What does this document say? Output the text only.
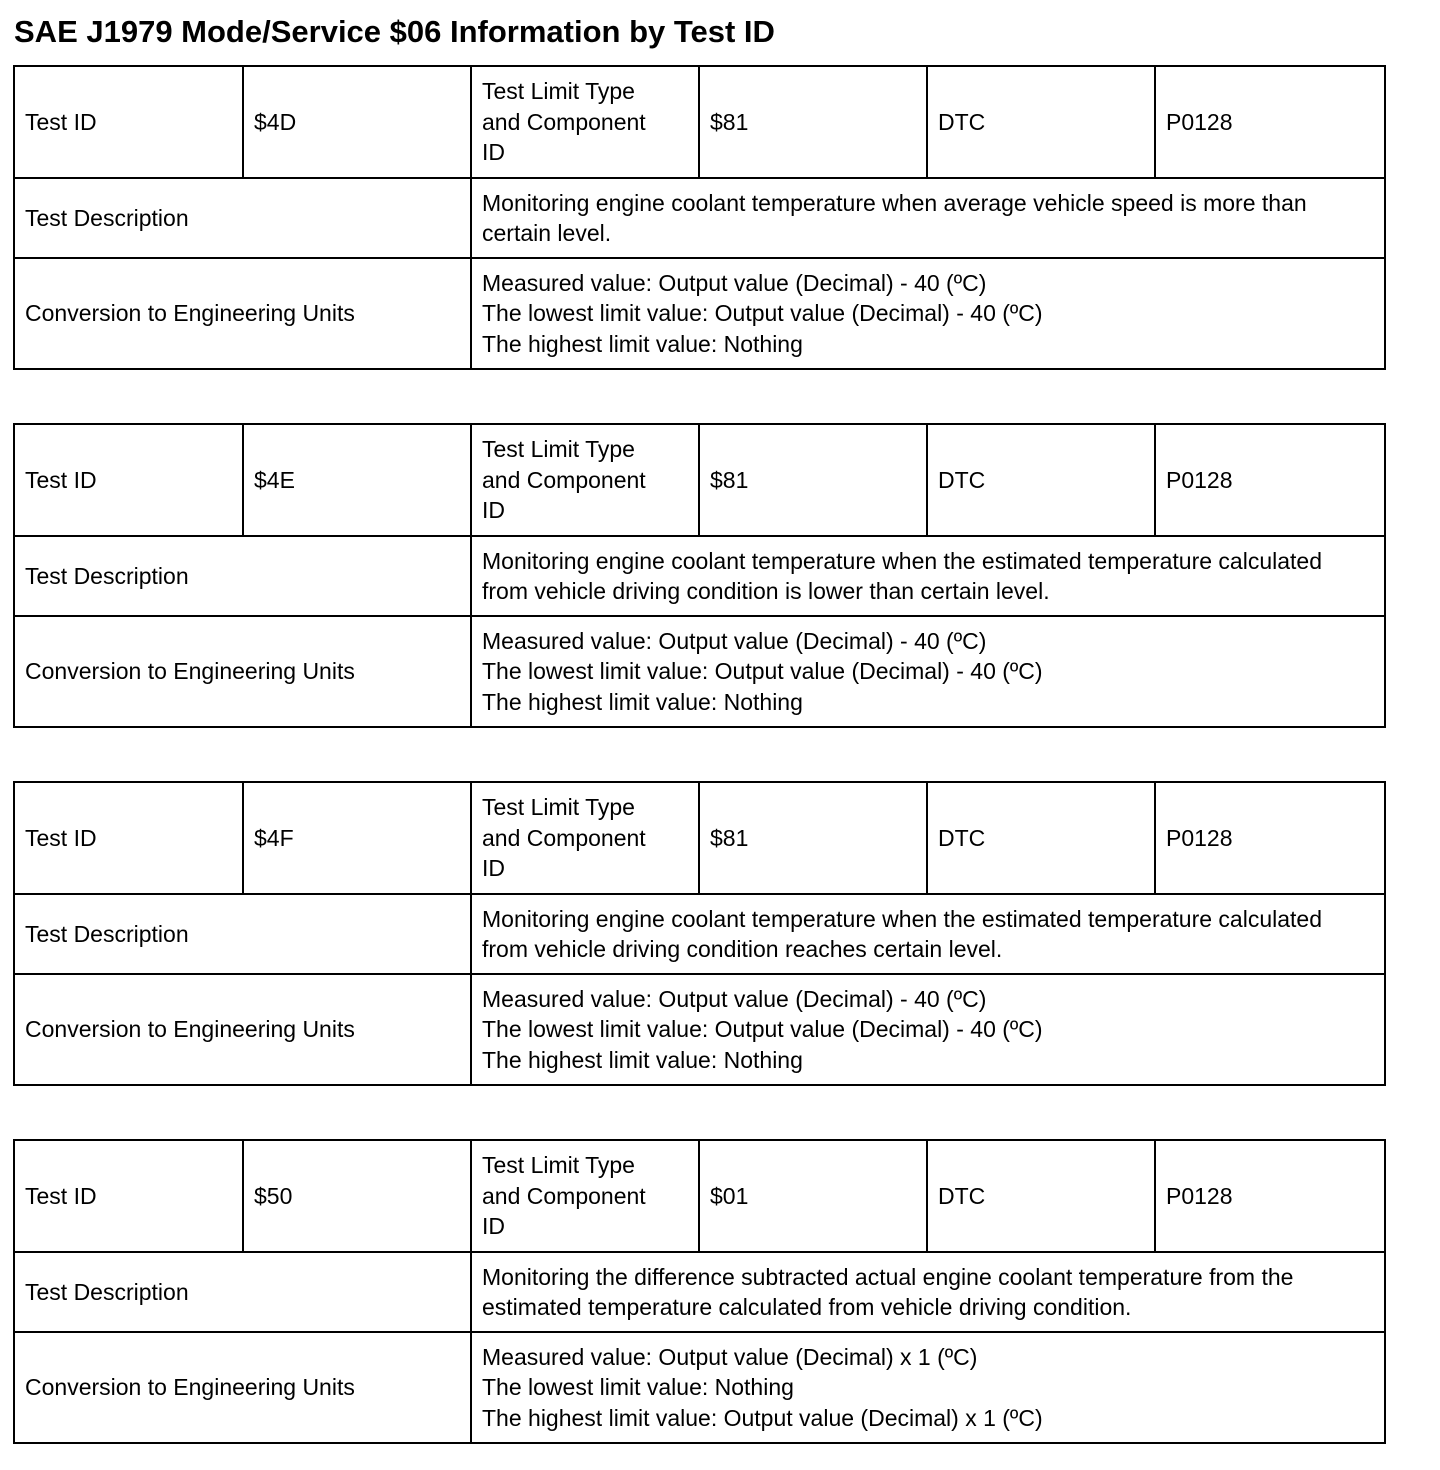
SAE J1979 Mode/Service $06 Information by Test ID
Test ID	$4D	Test Limit Type
and Component
ID	$81	DTC	P0128
Test Description		Monitoring engine coolant temperature when average vehicle speed is more than certain level.			
Conversion to Engineering Units		Measured value: Output value (Decimal) - 40 (ºC)
The lowest limit value: Output value (Decimal) - 40 (ºC)
The highest limit value: Nothing			
Test ID	$4E	Test Limit Type
and Component
ID	$81	DTC	P0128
Test Description		Monitoring engine coolant temperature when the estimated temperature calculated from vehicle driving condition is lower than certain level.			
Conversion to Engineering Units		Measured value: Output value (Decimal) - 40 (ºC)
The lowest limit value: Output value (Decimal) - 40 (ºC)
The highest limit value: Nothing			
Test ID	$4F	Test Limit Type
and Component
ID	$81	DTC	P0128
Test Description		Monitoring engine coolant temperature when the estimated temperature calculated from vehicle driving condition reaches certain level.			
Conversion to Engineering Units		Measured value: Output value (Decimal) - 40 (ºC)
The lowest limit value: Output value (Decimal) - 40 (ºC)
The highest limit value: Nothing			
Test ID	$50	Test Limit Type
and Component
ID	$01	DTC	P0128
Test Description		Monitoring the difference subtracted actual engine coolant temperature from the estimated temperature calculated from vehicle driving condition.			
Conversion to Engineering Units		Measured value: Output value (Decimal) x 1 (ºC)
The lowest limit value: Nothing
The highest limit value: Output value (Decimal) x 1 (ºC)			
